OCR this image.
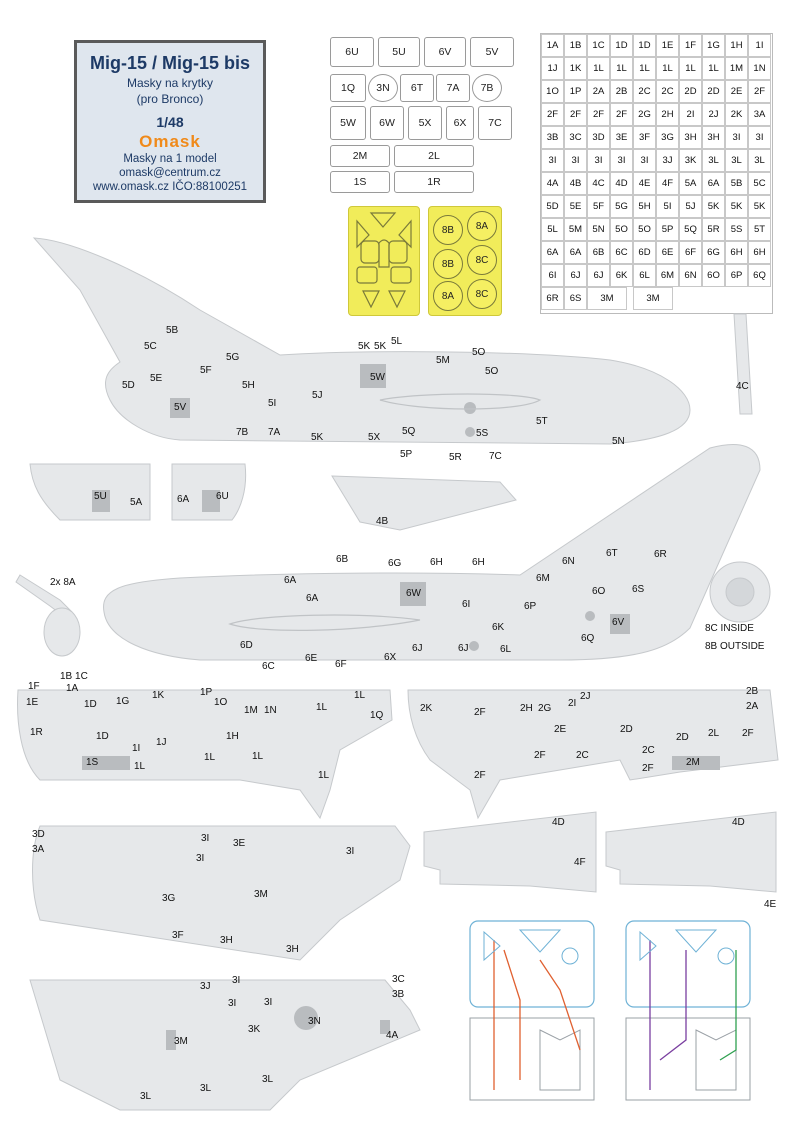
Mig-15 / Mig-15 bis
Masky na krytky
(pro Bronco)
1/48
Omask
Masky na 1 model
omask@centrum.cz
www.omask.cz IČO:88100251
6U	5U	6V	5V
1Q	3N	6T	7A	7B
5W	6W	5X	6X	7C
2M	2L
1S	1R
8B	8A
8B	8C
8A	8C
1A	1B	1C	1D	1D	1E	1F	1G	1H	1I
1J	1K	1L	1L	1L	1L	1L	1L	1M	1N
1O	1P	2A	2B	2C	2C	2D	2D	2E	2F
2F	2F	2F	2F	2G	2H	2I	2J	2K	3A
3B	3C	3D	3E	3F	3G	3H	3H	3I	3I
3I	3I	3I	3I	3I	3J	3K	3L	3L	3L
4A	4B	4C	4D	4E	4F	5A	6A	5B	5C
5D	5E	5F	5G	5H	5I	5J	5K	5K	5K
5L	5M	5N	5O	5O	5P	5Q	5R	5S	5T
6A	6A	6B	6C	6D	6E	6F	6G	6H	6H
6I	6J	6J	6K	6L	6M	6N	6O	6P	6Q
6R	6S	3M	3M
5B
5C
5G
5F
5E
5D
5V
5H
5I
5J
5K 5K 5L
5W
5M
5O
5O
7B 7A	5K	5X
5Q
5P	5R
5S
7C
5T
5N
6B	6G	6H	6H	6N
6T	6R
6M
6A
6A	6W
6I	6P
6O	6S
6V
6K
6Q
6D
6C
6E
6F
6X
6J	6J	6L
4C
5U
5A	6A	6U
4B
2x 8A
8C INSIDE
8B OUTSIDE
1F
1E
1B 1C
1A
1D 1G
1K	1P
1O
1M 1N	1L
1L
1Q
1R	1D
1J
1I
1H
1S	1L
1L	1L
1L
2K	2F	2H 2G 2I
2J	2B
2A
2E	2D
2D
2C
2L 2F
2F	2C
2F
2M
2F
3D
3A
3I 3E
3I
3I
3M
3G
3F	3H
3H
3C
3B
3J
3I
3I	3I
3N
3K
4A
3M
3L
3L
3L
4D
4F
4D
4E
